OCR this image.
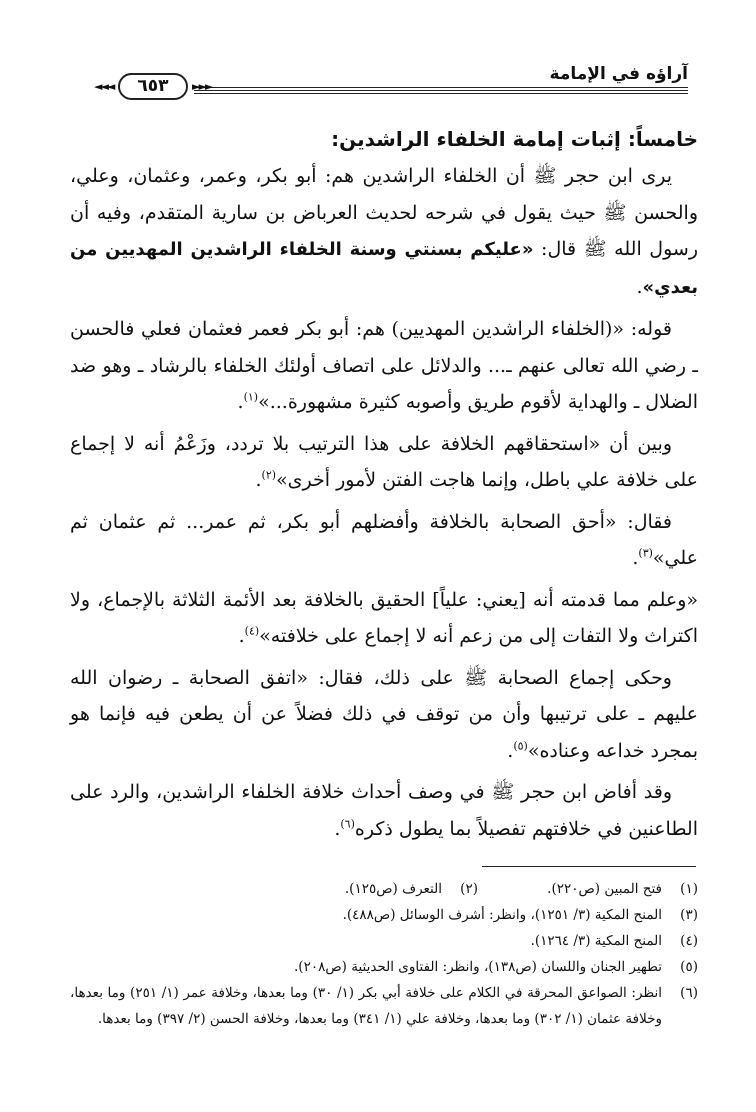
آراؤه في الإمامة
◄◄◄	٦٥٣	►►►
خامساً: إثبات إمامة الخلفاء الراشدين:

يرى ابن حجر ﷺ أن الخلفاء الراشدين هم: أبو بكر، وعمر، وعثمان، وعلي، والحسن ﷺ حيث يقول في شرحه لحديث العرباض بن سارية المتقدم، وفيه أن رسول الله ﷺ قال: «عليكم بسنتي وسنة الخلفاء الراشدين المهديين من بعدي».

قوله: «(الخلفاء الراشدين المهديين) هم: أبو بكر فعمر فعثمان فعلي فالحسن ـ رضي الله تعالى عنهم ـ... والدلائل على اتصاف أولئك الخلفاء بالرشاد ـ وهو ضد الضلال ـ والهداية لأقوم طريق وأصوبه كثيرة مشهورة...»$^{(١)}$.

وبين أن «استحقاقهم الخلافة على هذا الترتيب بلا تردد، وزَعْمُ أنه لا إجماع على خلافة علي باطل، وإنما هاجت الفتن لأمور أخرى»$^{(٢)}$.

فقال: «أحق الصحابة بالخلافة وأفضلهم أبو بكر، ثم عمر... ثم عثمان ثم علي»$^{(٣)}$.

«وعلم مما قدمته أنه [يعني: علياً] الحقيق بالخلافة بعد الأئمة الثلاثة بالإجماع، ولا اكتراث ولا التفات إلى من زعم أنه لا إجماع على خلافته»$^{(٤)}$.

وحكى إجماع الصحابة ﷺ على ذلك، فقال: «اتفق الصحابة ـ رضوان الله عليهم ـ على ترتيبها وأن من توقف في ذلك فضلاً عن أن يطعن فيه فإنما هو بمجرد خداعه وعناده»$^{(٥)}$.

وقد أفاض ابن حجر ﷺ في وصف أحداث خلافة الخلفاء الراشدين، والرد على الطاعنين في خلافتهم تفصيلاً بما يطول ذكره$^{(٦)}$.

(١)
فتح المبين (ص٢٢٠).
(٢)
التعرف (ص١٢٥).
(٣)
المنح المكية (٣/ ١٢٥١)، وانظر: أشرف الوسائل (ص٤٨٨).
(٤)
المنح المكية (٣/ ١٢٦٤).
(٥)
تطهير الجنان واللسان (ص١٣٨)، وانظر: الفتاوى الحديثية (ص٢٠٨).
(٦)
انظر: الصواعق المحرقة في الكلام على خلافة أبي بكر (١/ ٣٠) وما بعدها، وخلافة عمر (١/ ٢٥١) وما بعدها، وخلافة عثمان (١/ ٣٠٢) وما بعدها، وخلافة علي (١/ ٣٤١) وما بعدها، وخلافة الحسن (٢/ ٣٩٧) وما بعدها.
